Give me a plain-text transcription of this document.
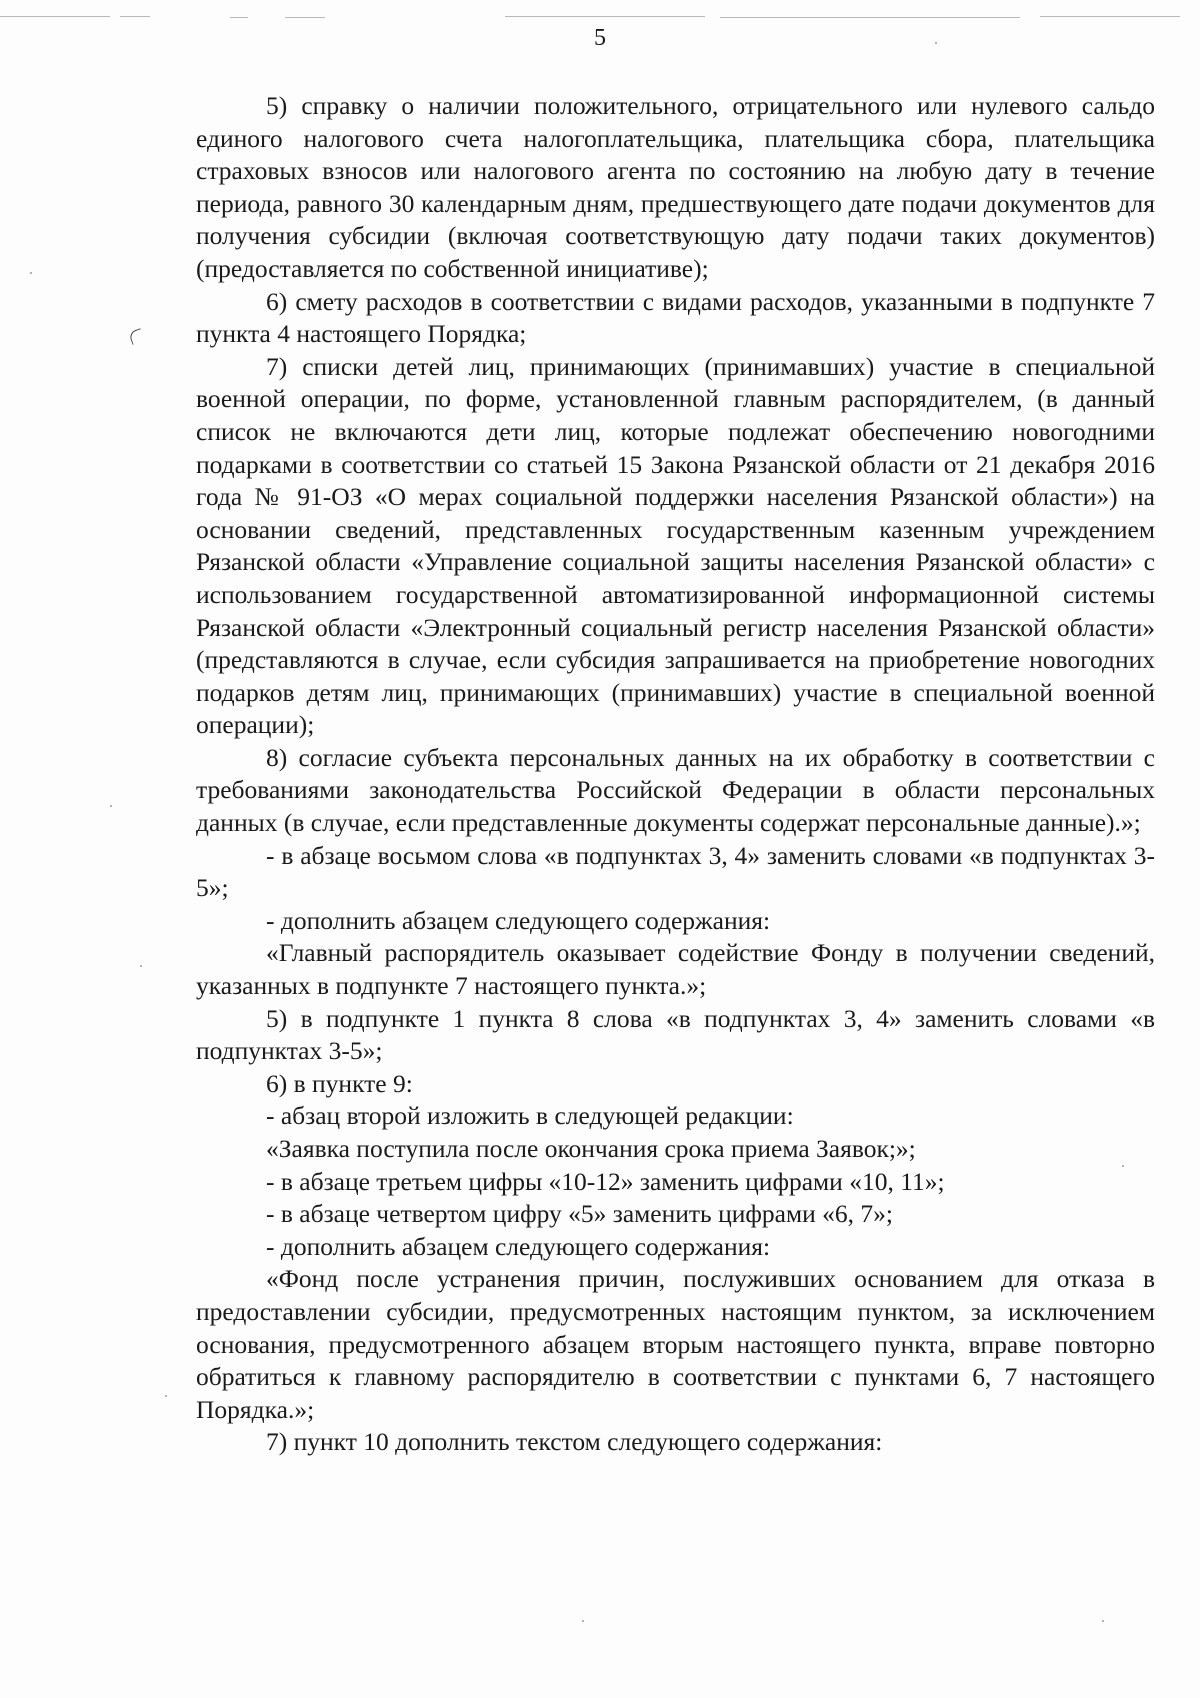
5

5) справку о наличии положительного, отрицательного или нулевого сальдо единого налогового счета налогоплательщика, плательщика сбора, плательщика страховых взносов или налогового агента по состоянию на любую дату в течение периода, равного 30 календарным дням, предшествующего дате подачи документов для получения субсидии (включая соответствующую дату подачи таких документов) (предоставляется по собственной инициативе);

6) смету расходов в соответствии с видами расходов, указанными в подпункте 7 пункта 4 настоящего Порядка;

7) списки детей лиц, принимающих (принимавших) участие в специальной военной операции, по форме, установленной главным распорядителем, (в данный список не включаются дети лиц, которые подлежат обеспечению новогодними подарками в соответствии со статьей 15 Закона Рязанской области от 21 декабря 2016 года № 91-ОЗ «О мерах социальной поддержки населения Рязанской области») на основании сведений, представленных государственным казенным учреждением Рязанской области «Управление социальной защиты населения Рязанской области» с использованием государственной автоматизированной информационной системы Рязанской области «Электронный социальный регистр населения Рязанской области» (представляются в случае, если субсидия запрашивается на приобретение новогодних подарков детям лиц, принимающих (принимавших) участие в специальной военной операции);

8) согласие субъекта персональных данных на их обработку в соответствии с требованиями законодательства Российской Федерации в области персональных данных (в случае, если представленные документы содержат персональные данные).»;

- в абзаце восьмом слова «в подпунктах 3, 4» заменить словами «в подпунктах 3-5»;

- дополнить абзацем следующего содержания:

«Главный распорядитель оказывает содействие Фонду в получении сведений, указанных в подпункте 7 настоящего пункта.»;

5) в подпункте 1 пункта 8 слова «в подпунктах 3, 4» заменить словами «в подпунктах 3-5»;

6) в пункте 9:

- абзац второй изложить в следующей редакции:

«Заявка поступила после окончания срока приема Заявок;»;

- в абзаце третьем цифры «10-12» заменить цифрами «10, 11»;

- в абзаце четвертом цифру «5» заменить цифрами «6, 7»;

- дополнить абзацем следующего содержания:

«Фонд после устранения причин, послуживших основанием для отказа в предоставлении субсидии, предусмотренных настоящим пунктом, за исключением основания, предусмотренного абзацем вторым настоящего пункта, вправе повторно обратиться к главному распорядителю в соответствии с пунктами 6, 7 настоящего Порядка.»;

7) пункт 10 дополнить текстом следующего содержания:
